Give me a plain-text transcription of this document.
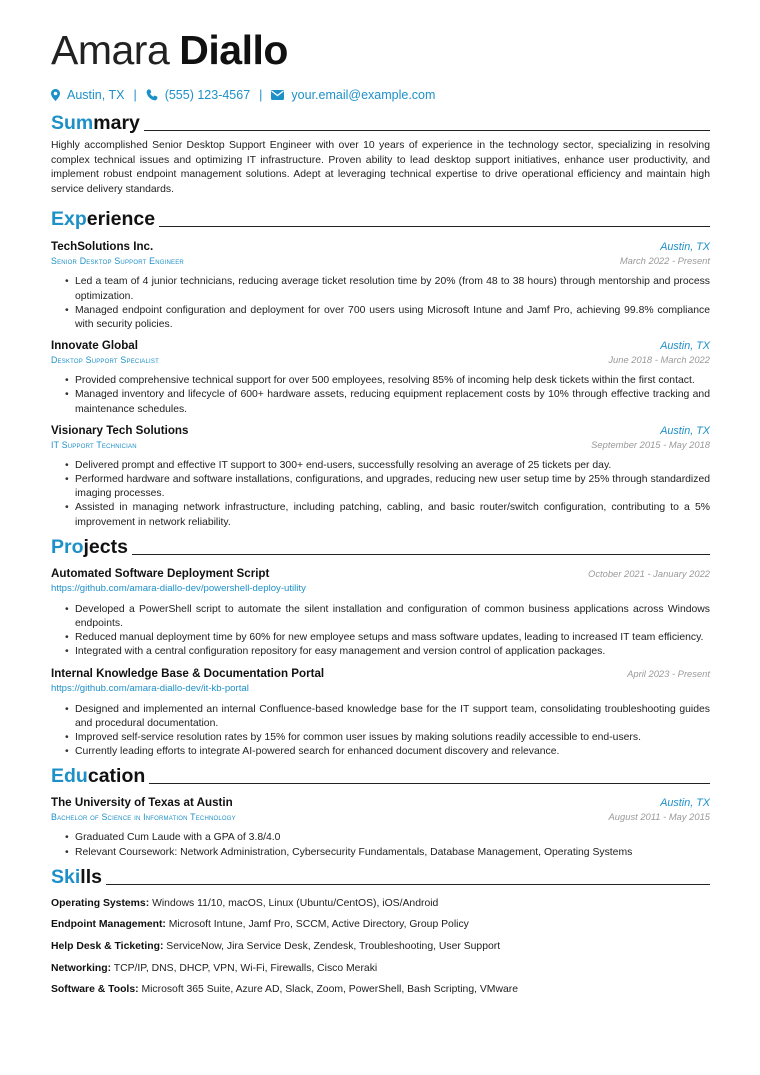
Amara Diallo
Austin, TX | (555) 123-4567 | your.email@example.com
Summary

Highly accomplished Senior Desktop Support Engineer with over 10 years of experience in the technology sector, specializing in resolving complex technical issues and optimizing IT infrastructure. Proven ability to lead desktop support initiatives, enhance user productivity, and implement robust endpoint management solutions. Adept at leveraging technical expertise to drive operational efficiency and maintain high service delivery standards.

Experience
TechSolutions Inc.	Austin, TX
Senior Desktop Support Engineer	March 2022 - Present
• Led a team of 4 junior technicians, reducing average ticket resolution time by 20% (from 48 to 38 hours) through mentorship and process optimization.
• Managed endpoint configuration and deployment for over 700 users using Microsoft Intune and Jamf Pro, achieving 99.8% compliance with security policies.
Innovate Global	Austin, TX
Desktop Support Specialist	June 2018 - March 2022
• Provided comprehensive technical support for over 500 employees, resolving 85% of incoming help desk tickets within the first contact.
• Managed inventory and lifecycle of 600+ hardware assets, reducing equipment replacement costs by 10% through effective tracking and maintenance schedules.
Visionary Tech Solutions	Austin, TX
IT Support Technician	September 2015 - May 2018
• Delivered prompt and effective IT support to 300+ end-users, successfully resolving an average of 25 tickets per day.
• Performed hardware and software installations, configurations, and upgrades, reducing new user setup time by 25% through standardized imaging processes.
• Assisted in managing network infrastructure, including patching, cabling, and basic router/switch configuration, contributing to a 5% improvement in network reliability.
Projects
Automated Software Deployment Script	October 2021 - January 2022
https://github.com/amara-diallo-dev/powershell-deploy-utility
• Developed a PowerShell script to automate the silent installation and configuration of common business applications across Windows endpoints.
• Reduced manual deployment time by 60% for new employee setups and mass software updates, leading to increased IT team efficiency.
• Integrated with a central configuration repository for easy management and version control of application packages.
Internal Knowledge Base & Documentation Portal	April 2023 - Present
https://github.com/amara-diallo-dev/it-kb-portal
• Designed and implemented an internal Confluence-based knowledge base for the IT support team, consolidating troubleshooting guides and procedural documentation.
• Improved self-service resolution rates by 15% for common user issues by making solutions readily accessible to end-users.
• Currently leading efforts to integrate AI-powered search for enhanced document discovery and relevance.
Education
The University of Texas at Austin	Austin, TX
Bachelor of Science in Information Technology	August 2011 - May 2015
• Graduated Cum Laude with a GPA of 3.8/4.0
• Relevant Coursework: Network Administration, Cybersecurity Fundamentals, Database Management, Operating Systems
Skills
Operating Systems: Windows 11/10, macOS, Linux (Ubuntu/CentOS), iOS/Android
Endpoint Management: Microsoft Intune, Jamf Pro, SCCM, Active Directory, Group Policy
Help Desk & Ticketing: ServiceNow, Jira Service Desk, Zendesk, Troubleshooting, User Support
Networking: TCP/IP, DNS, DHCP, VPN, Wi-Fi, Firewalls, Cisco Meraki
Software & Tools: Microsoft 365 Suite, Azure AD, Slack, Zoom, PowerShell, Bash Scripting, VMware
